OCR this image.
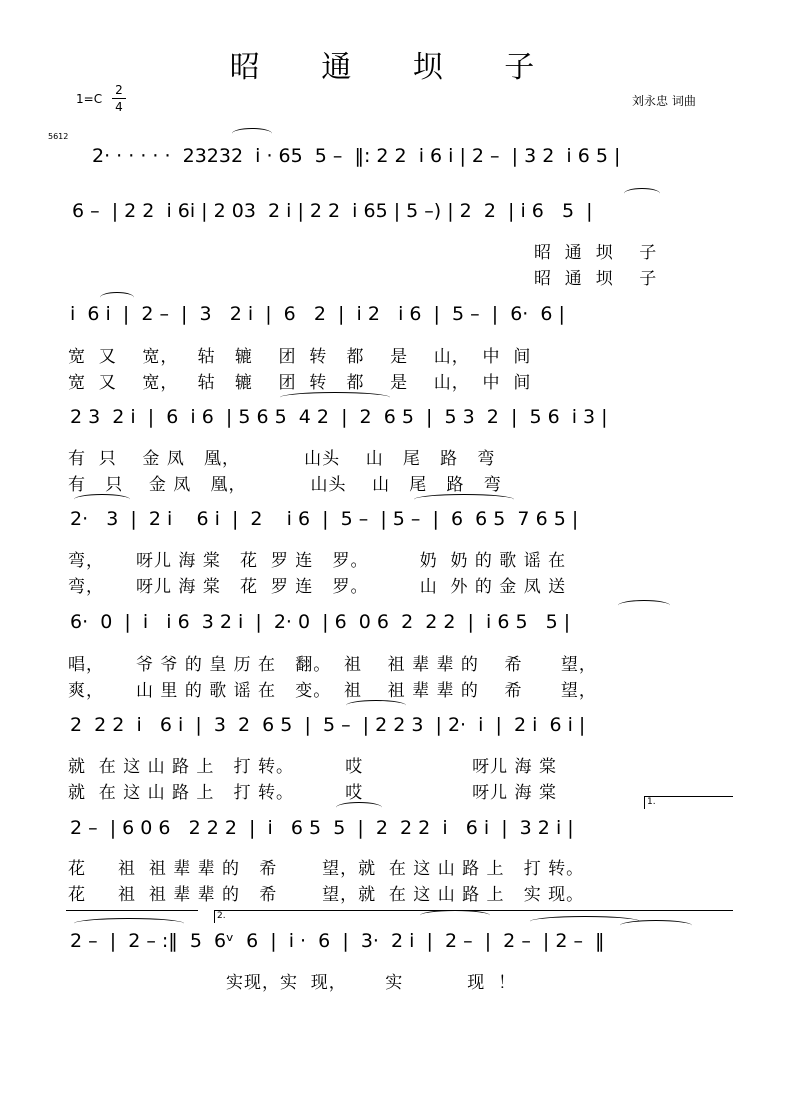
昭 通 坝 子
1=C
2
4	刘永忠 词曲
5612
2· · · · · ·  23232  i · 65  5 –  ‖: 2 2  i 6 i | 2 –  | 3 2  i 6 5 |
6 –  | 2 2  i 6i | 2 03  2 i | 2 2  i 65 | 5 –) | 2  2  | i 6   5  |
昭  通  坝    子
昭  通  坝    子
i  6 i  |  2 –  |  3   2 i  |  6   2  |  i 2   i 6  |  5 –  |  6·  6 |
宽  又    宽，   轱   辘    团  转   都    是    山，  中  间
宽  又    宽，   轱   辘    团  转   都    是    山，  中  间
2 3  2 i  |  6  i 6  | 5 6 5  4 2  |  2  6 5  |  5 3  2  |  5 6  i 3 |
有  只    金 凤   凰，          山头    山   尾   路   弯
有   只    金 凤   凰，          山头    山   尾   路   弯
2·   3  |  2 i    6 i  |  2    i 6  |  5 –  | 5 –  |  6  6 5  7 6 5 |
弯，     呀儿 海 棠   花  罗 连   罗。        奶  奶 的 歌 谣 在
弯，     呀儿 海 棠   花  罗 连   罗。        山  外 的 金 凤 送
6·  0  |  i   i 6  3 2 i  |  2· 0  | 6  0 6  2  2 2  |  i 6 5   5 |
唱，     爷 爷 的 皇 历 在   翻。  祖    祖 辈 辈 的    希      望，
爽，     山 里 的 歌 谣 在   变。  祖    祖 辈 辈 的    希      望，
2  2 2  i   6 i  |  3  2  6 5  |  5 –  | 2 2 3  | 2·  i  |  2 i  6 i |
就  在 这 山 路 上   打 转。        哎                 呀儿 海 棠
就  在 这 山 路 上   打 转。        哎                 呀儿 海 棠
2 –  | 6 0 6   2 2 2  |  i   6 5  5  |  2  2 2  i   6 i  |  3 2 i |
花     祖  祖 辈 辈 的   希       望，就  在 这 山 路 上   打 转。
花     祖  祖 辈 辈 的   希       望，就  在 这 山 路 上   实 现。
1.
2.
2 –  |  2 – :‖  5  6ᵛ  6  |  i ·  6  |  3·  2 i  |  2 –  |  2 –  | 2 –  ‖
实现，实  现，      实          现  ！
